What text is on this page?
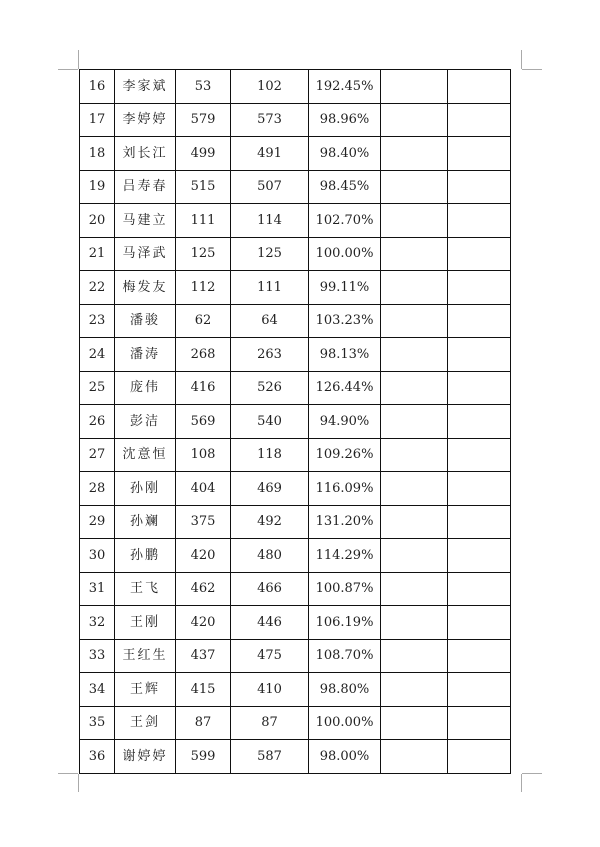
16	李家斌	53	102	192.45%		
17	李婷婷	579	573	98.96%		
18	刘长江	499	491	98.40%		
19	吕寿春	515	507	98.45%		
20	马建立	111	114	102.70%		
21	马泽武	125	125	100.00%		
22	梅发友	112	111	99.11%		
23	潘骏	62	64	103.23%		
24	潘涛	268	263	98.13%		
25	庞伟	416	526	126.44%		
26	彭洁	569	540	94.90%		
27	沈意恒	108	118	109.26%		
28	孙刚	404	469	116.09%		
29	孙斓	375	492	131.20%		
30	孙鹏	420	480	114.29%		
31	王飞	462	466	100.87%		
32	王刚	420	446	106.19%		
33	王红生	437	475	108.70%		
34	王辉	415	410	98.80%		
35	王剑	87	87	100.00%		
36	谢婷婷	599	587	98.00%		
